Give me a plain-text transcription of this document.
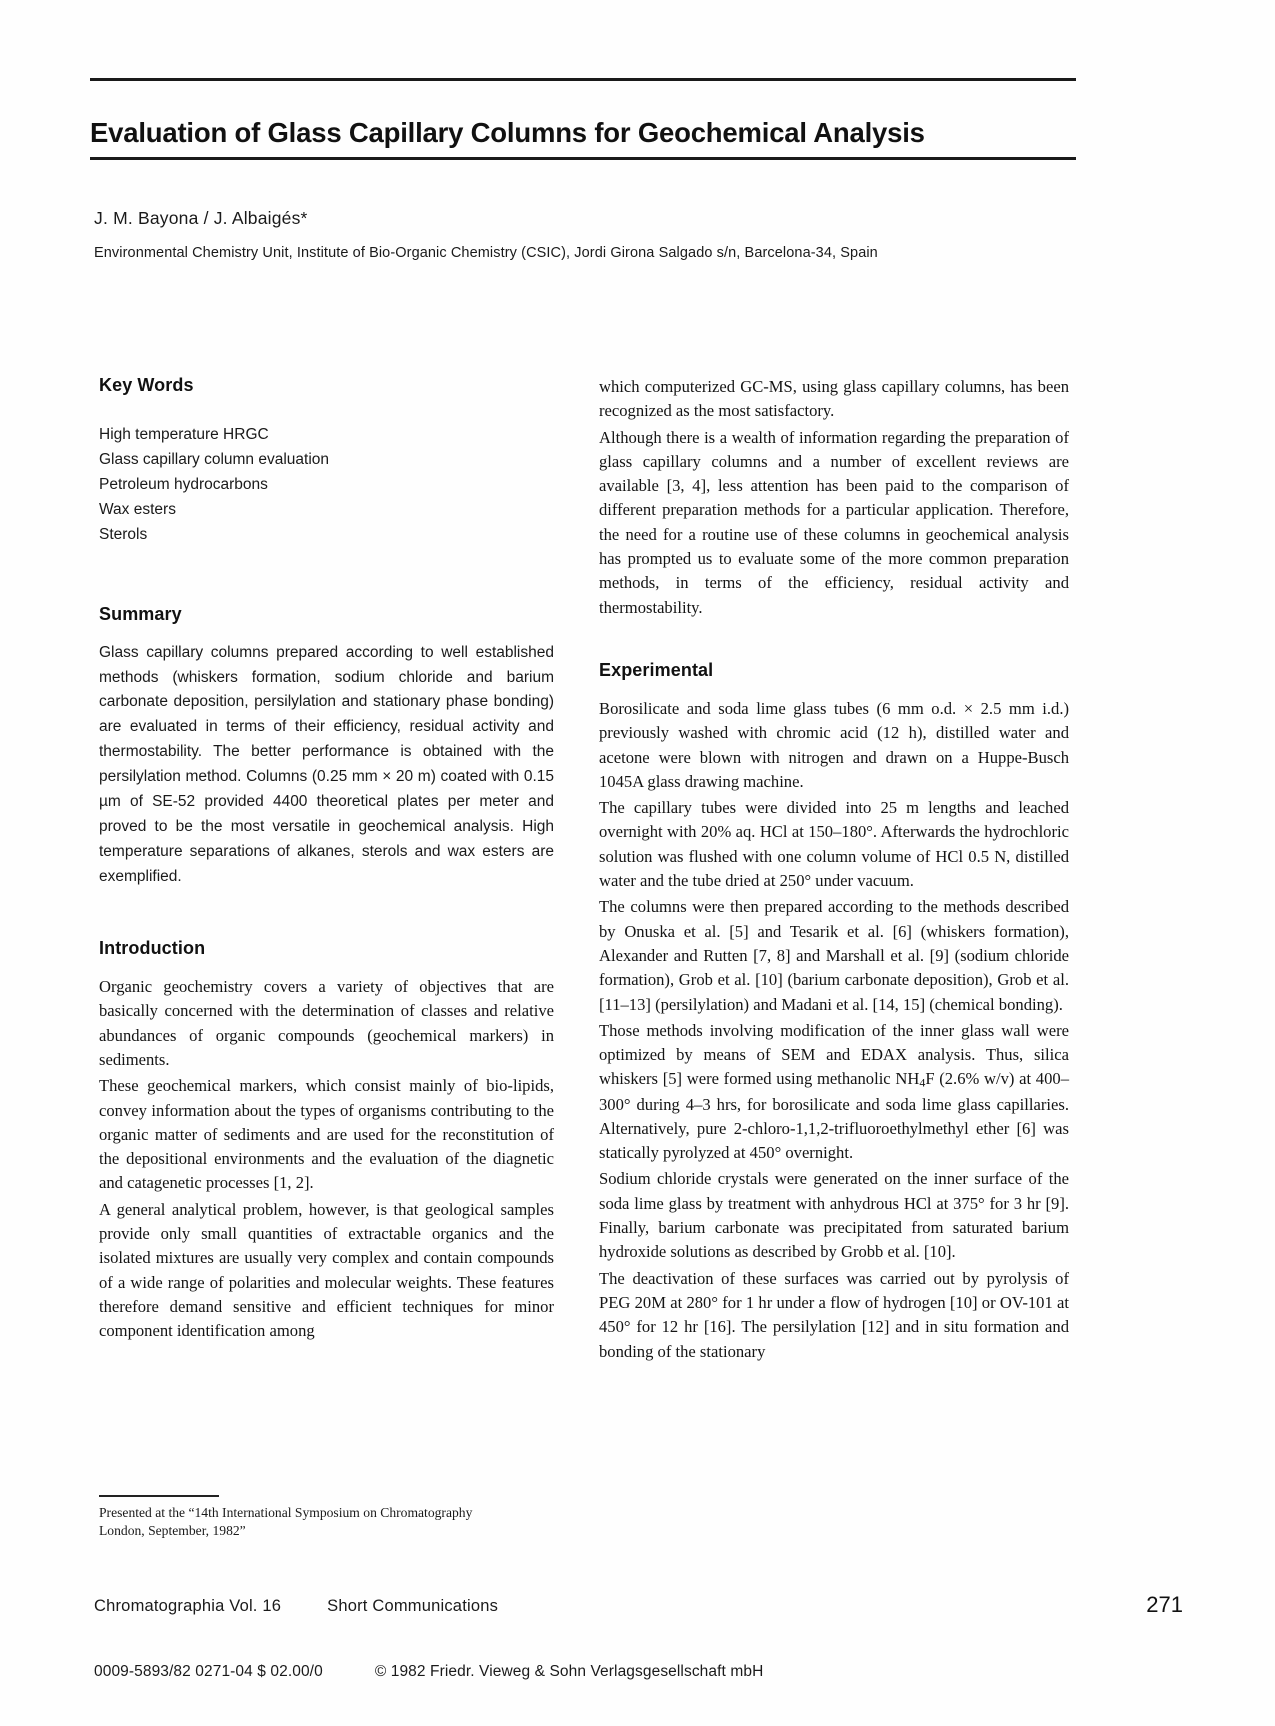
Evaluation of Glass Capillary Columns for Geochemical Analysis
J. M. Bayona / J. Albaigés*
Environmental Chemistry Unit, Institute of Bio-Organic Chemistry (CSIC), Jordi Girona Salgado s/n, Barcelona-34, Spain
Key Words
High temperature HRGC
Glass capillary column evaluation
Petroleum hydrocarbons
Wax esters
Sterols
Summary

Glass capillary columns prepared according to well established methods (whiskers formation, sodium chloride and barium carbonate deposition, persilylation and stationary phase bonding) are evaluated in terms of their efficiency, residual activity and thermostability. The better performance is obtained with the persilylation method. Columns (0.25 mm × 20 m) coated with 0.15 µm of SE-52 provided 4400 theoretical plates per meter and proved to be the most versatile in geochemical analysis. High temperature separations of alkanes, sterols and wax esters are exemplified.

Introduction

Organic geochemistry covers a variety of objectives that are basically concerned with the determination of classes and relative abundances of organic compounds (geochemical markers) in sediments.

These geochemical markers, which consist mainly of bio-lipids, convey information about the types of organisms contributing to the organic matter of sediments and are used for the reconstitution of the depositional environments and the evaluation of the diagnetic and catagenetic processes [1, 2].

A general analytical problem, however, is that geological samples provide only small quantities of extractable organics and the isolated mixtures are usually very complex and contain compounds of a wide range of polarities and molecular weights. These features therefore demand sensitive and efficient techniques for minor component identification among

which computerized GC-MS, using glass capillary columns, has been recognized as the most satisfactory.

Although there is a wealth of information regarding the preparation of glass capillary columns and a number of excellent reviews are available [3, 4], less attention has been paid to the comparison of different preparation methods for a particular application. Therefore, the need for a routine use of these columns in geochemical analysis has prompted us to evaluate some of the more common preparation methods, in terms of the efficiency, residual activity and thermostability.

Experimental

Borosilicate and soda lime glass tubes (6 mm o.d. × 2.5 mm i.d.) previously washed with chromic acid (12 h), distilled water and acetone were blown with nitrogen and drawn on a Huppe-Busch 1045A glass drawing machine.

The capillary tubes were divided into 25 m lengths and leached overnight with 20% aq. HCl at 150–180°. Afterwards the hydrochloric solution was flushed with one column volume of HCl 0.5 N, distilled water and the tube dried at 250° under vacuum.

The columns were then prepared according to the methods described by Onuska et al. [5] and Tesarik et al. [6] (whiskers formation), Alexander and Rutten [7, 8] and Marshall et al. [9] (sodium chloride formation), Grob et al. [10] (barium carbonate deposition), Grob et al. [11–13] (persilylation) and Madani et al. [14, 15] (chemical bonding).

Those methods involving modification of the inner glass wall were optimized by means of SEM and EDAX analysis. Thus, silica whiskers [5] were formed using methanolic $NH_4F$ (2.6% w/v) at 400–300° during 4–3 hrs, for borosilicate and soda lime glass capillaries. Alternatively, pure 2-chloro-1,1,2-trifluoroethylmethyl ether [6] was statically pyrolyzed at 450° overnight.

Sodium chloride crystals were generated on the inner surface of the soda lime glass by treatment with anhydrous HCl at 375° for 3 hr [9]. Finally, barium carbonate was precipitated from saturated barium hydroxide solutions as described by Grobb et al. [10].

The deactivation of these surfaces was carried out by pyrolysis of PEG 20M at 280° for 1 hr under a flow of hydrogen [10] or OV-101 at 450° for 12 hr [16]. The persilylation [12] and in situ formation and bonding of the stationary

Presented at the “14th International Symposium on Chromatography
London, September, 1982”
Chromatographia Vol. 16	Short Communications	271
0009-5893/82 0271-04 $ 02.00/0	© 1982 Friedr. Vieweg & Sohn Verlagsgesellschaft mbH
